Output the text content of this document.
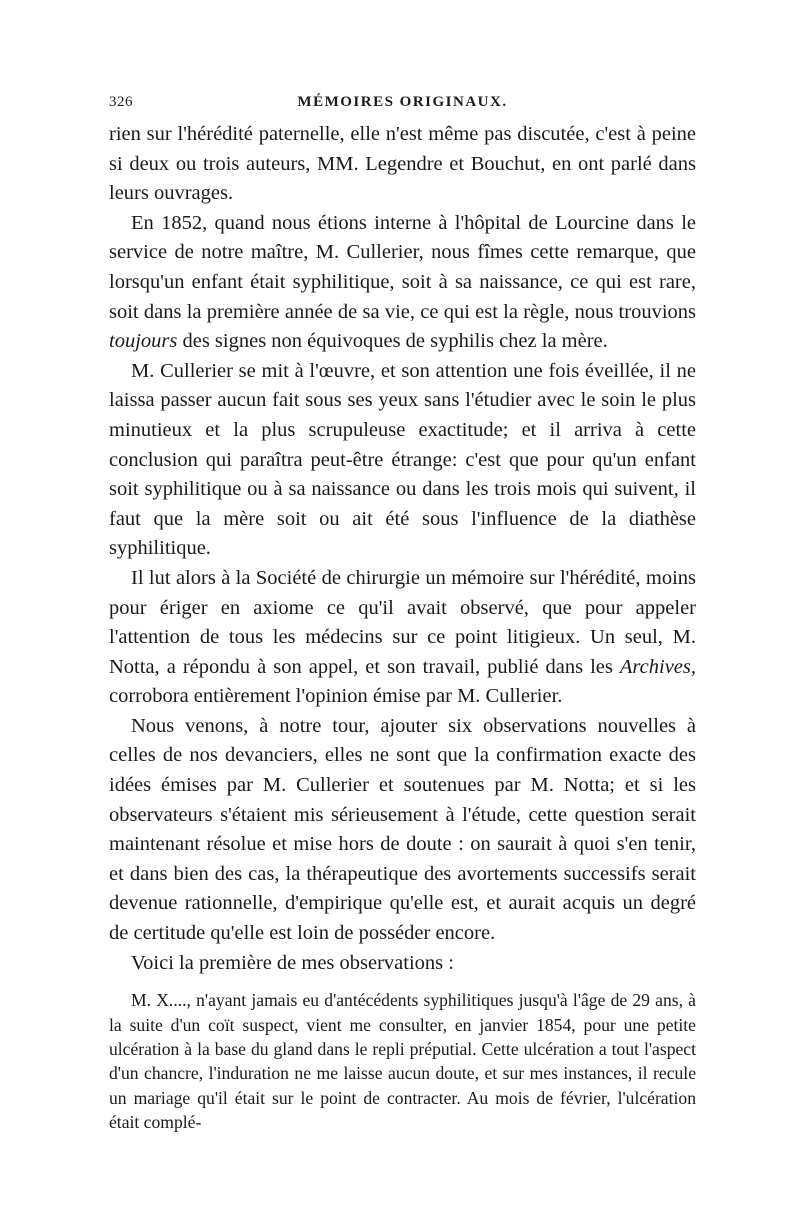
326	MÉMOIRES ORIGINAUX.

rien sur l'hérédité paternelle, elle n'est même pas discutée, c'est à peine si deux ou trois auteurs, MM. Legendre et Bouchut, en ont parlé dans leurs ouvrages.

En 1852, quand nous étions interne à l'hôpital de Lourcine dans le service de notre maître, M. Cullerier, nous fîmes cette remarque, que lorsqu'un enfant était syphilitique, soit à sa naissance, ce qui est rare, soit dans la première année de sa vie, ce qui est la règle, nous trouvions toujours des signes non équivoques de syphilis chez la mère.

M. Cullerier se mit à l'œuvre, et son attention une fois éveillée, il ne laissa passer aucun fait sous ses yeux sans l'étudier avec le soin le plus minutieux et la plus scrupuleuse exactitude; et il arriva à cette conclusion qui paraîtra peut-être étrange: c'est que pour qu'un enfant soit syphilitique ou à sa naissance ou dans les trois mois qui suivent, il faut que la mère soit ou ait été sous l'influence de la diathèse syphilitique.

Il lut alors à la Société de chirurgie un mémoire sur l'hérédité, moins pour ériger en axiome ce qu'il avait observé, que pour appeler l'attention de tous les médecins sur ce point litigieux. Un seul, M. Notta, a répondu à son appel, et son travail, publié dans les Archives, corrobora entièrement l'opinion émise par M. Cullerier.

Nous venons, à notre tour, ajouter six observations nouvelles à celles de nos devanciers, elles ne sont que la confirmation exacte des idées émises par M. Cullerier et soutenues par M. Notta; et si les observateurs s'étaient mis sérieusement à l'étude, cette question serait maintenant résolue et mise hors de doute : on saurait à quoi s'en tenir, et dans bien des cas, la thérapeutique des avortements successifs serait devenue rationnelle, d'empirique qu'elle est, et aurait acquis un degré de certitude qu'elle est loin de posséder encore.

Voici la première de mes observations :

M. X...., n'ayant jamais eu d'antécédents syphilitiques jusqu'à l'âge de 29 ans, à la suite d'un coït suspect, vient me consulter, en janvier 1854, pour une petite ulcération à la base du gland dans le repli préputial. Cette ulcération a tout l'aspect d'un chancre, l'induration ne me laisse aucun doute, et sur mes instances, il recule un mariage qu'il était sur le point de contracter. Au mois de février, l'ulcération était complé-
